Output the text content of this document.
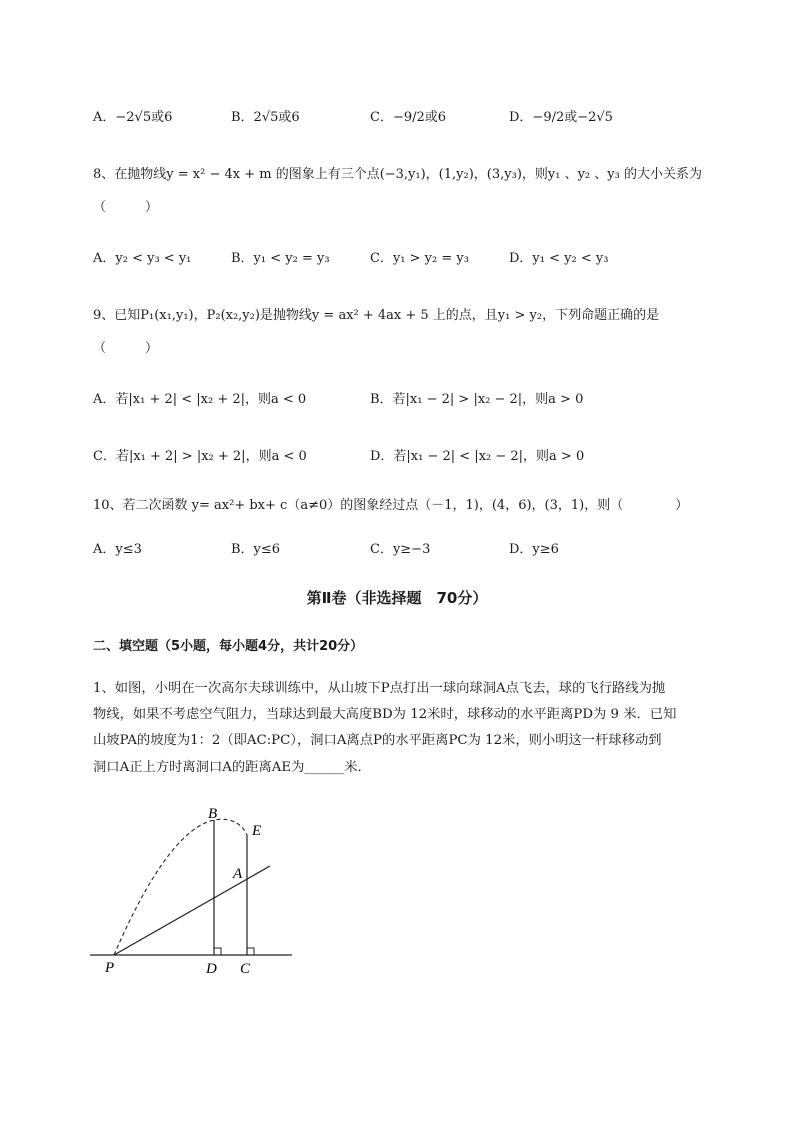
A．−2√5或6	B．2√5或6	C．−9/2或6	D．−9/2或−2√5
8、在抛物线y = x² − 4x + m 的图象上有三个点(−3,y₁)，(1,y₂)，(3,y₃)，则y₁ 、y₂ 、y₃ 的大小关系为
（　　　）
A．y₂ < y₃ < y₁	B．y₁ < y₂ = y₃	C．y₁ > y₂ = y₃	D．y₁ < y₂ < y₃
9、已知P₁(x₁,y₁)，P₂(x₂,y₂)是抛物线y = ax² + 4ax + 5 上的点，且y₁ > y₂，下列命题正确的是
（　　　）
A．若|x₁ + 2| < |x₂ + 2|，则a < 0	B．若|x₁ − 2| > |x₂ − 2|，则a > 0
C．若|x₁ + 2| > |x₂ + 2|，则a < 0	D．若|x₁ − 2| < |x₂ − 2|，则a > 0
10、若二次函数 y= ax²+ bx+ c（a≠0）的图象经过点（－1，1)，(4，6)，(3，1)，则（　　　　）
A．y≤3	B．y≤6	C．y≥−3	D．y≥6
第Ⅱ卷（非选择题　70分）
二、填空题（5小题，每小题4分，共计20分）
1、如图，小明在一次高尔夫球训练中，从山坡下P点打出一球向球洞A点飞去，球的飞行路线为抛
物线，如果不考虑空气阻力，当球达到最大高度BD为 12米时，球移动的水平距离PD为 9 米．已知
山坡PA的坡度为1：2（即AC:PC），洞口A离点P的水平距离PC为 12米，则小明这一杆球移动到
洞口A正上方时离洞口A的距离AE为______米．
P	D C
B
E
A
